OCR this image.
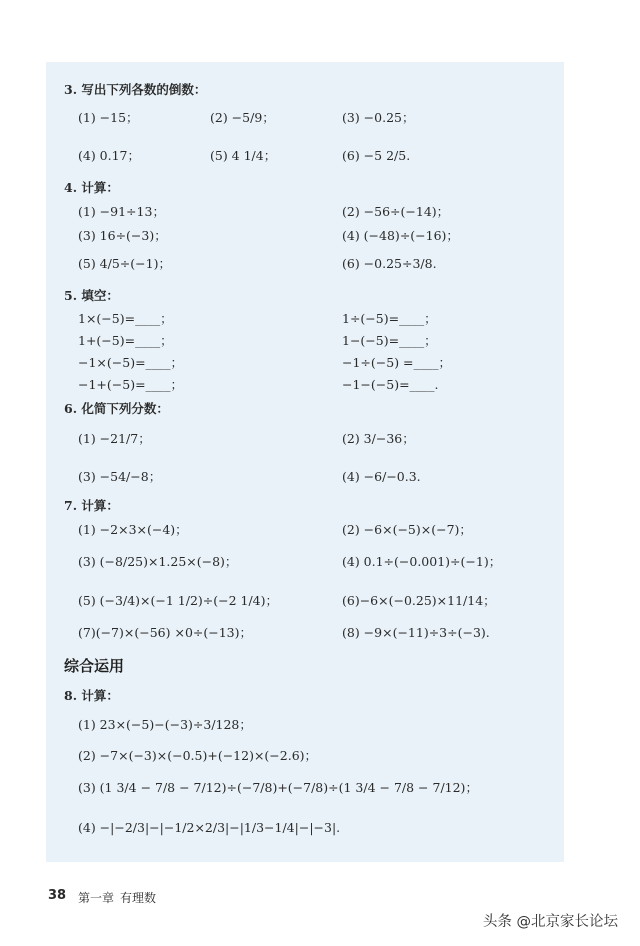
3. 写出下列各数的倒数：
(1) −15；	(2) −5/9；	(3) −0.25；
(4) 0.17；	(5) 4 1/4；	(6) −5 2/5.
4. 计算：
(1) −91÷13；	(2) −56÷(−14)；
(3) 16÷(−3)；	(4) (−48)÷(−16)；
(5) 4/5÷(−1)；	(6) −0.25÷3/8.
5. 填空：
1×(−5)=____；	1÷(−5)=____；
1+(−5)=____；	1−(−5)=____；
−1×(−5)=____；	−1÷(−5) =____；
−1+(−5)=____；	−1−(−5)=____.
6. 化简下列分数：
(1) −21/7；	(2) 3/−36；
(3) −54/−8；	(4) −6/−0.3.
7. 计算：
(1) −2×3×(−4)；	(2) −6×(−5)×(−7)；
(3) (−8/25)×1.25×(−8)；	(4) 0.1÷(−0.001)÷(−1)；
(5) (−3/4)×(−1 1/2)÷(−2 1/4)；	(6)−6×(−0.25)×11/14；
(7)(−7)×(−56) ×0÷(−13)；	(8) −9×(−11)÷3÷(−3).
综合运用
8. 计算：
(1) 23×(−5)−(−3)÷3/128；
(2) −7×(−3)×(−0.5)+(−12)×(−2.6)；
(3) (1 3/4 − 7/8 − 7/12)÷(−7/8)+(−7/8)÷(1 3/4 − 7/8 − 7/12)；
(4) −|−2/3|−|−1/2×2/3|−|1/3−1/4|−|−3|.
38 第一章 有理数
头条 @北京家长论坛
